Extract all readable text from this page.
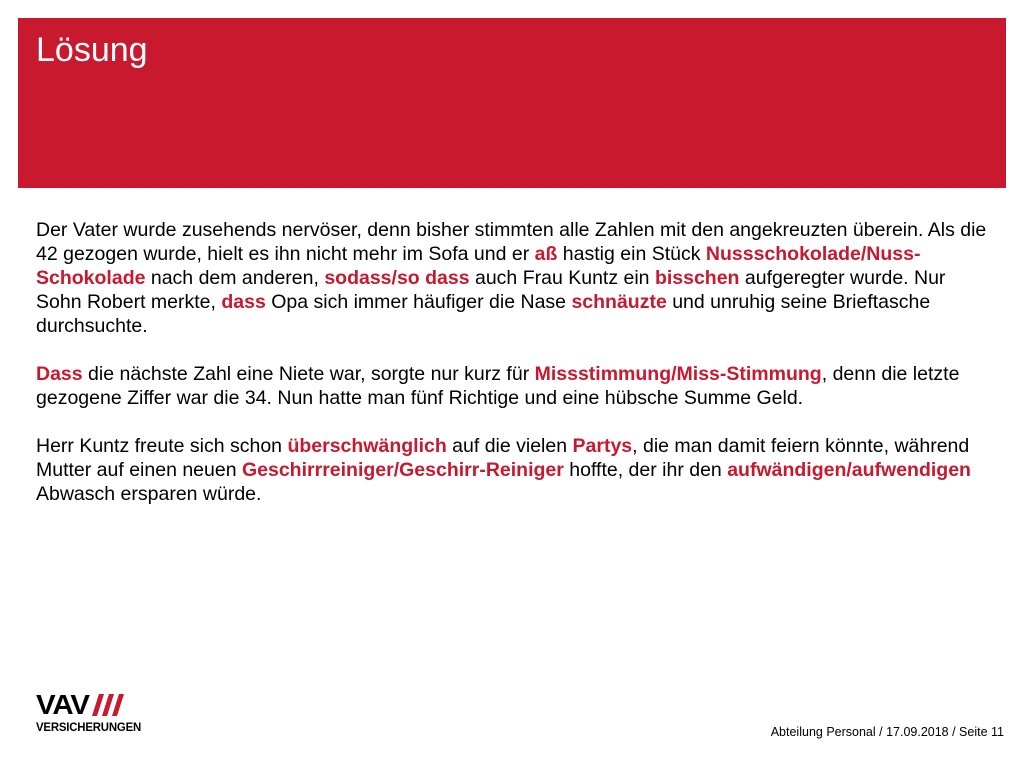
Lösung

Der Vater wurde zusehends nervöser, denn bisher stimmten alle Zahlen mit den angekreuzten überein. Als die 42 gezogen wurde, hielt es ihn nicht mehr im Sofa und er aß hastig ein Stück Nussschokolade/Nuss-Schokolade nach dem anderen, sodass/so dass auch Frau Kuntz ein bisschen aufgeregter wurde. Nur Sohn Robert merkte, dass Opa sich immer häufiger die Nase schnäuzte und unruhig seine Brieftasche durchsuchte.

Dass die nächste Zahl eine Niete war, sorgte nur kurz für Missstimmung/Miss-Stimmung, denn die letzte gezogene Ziffer war die 34. Nun hatte man fünf Richtige und eine hübsche Summe Geld.

Herr Kuntz freute sich schon überschwänglich auf die vielen Partys, die man damit feiern könnte, während Mutter auf einen neuen Geschirrreiniger/Geschirr-Reiniger hoffte, der ihr den aufwändigen/aufwendigen Abwasch ersparen würde.

VAV
VERSICHERUNGEN	Abteilung Personal / 17.09.2018 / Seite 11
